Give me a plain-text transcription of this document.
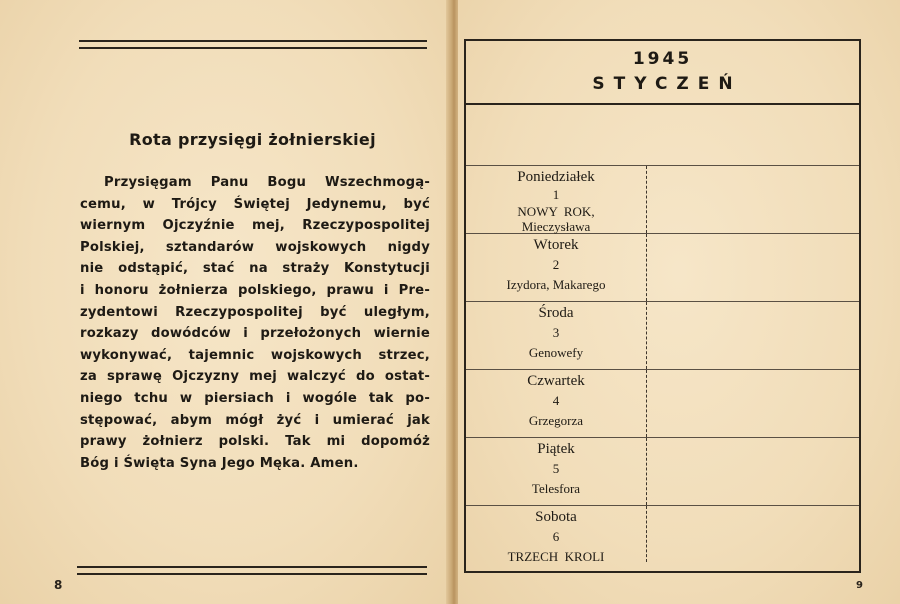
Rota przysięgi żołnierskiej
Przysięgam Panu Bogu Wszechmogą-
cemu, w Trójcy Świętej Jedynemu, być
wiernym Ojczyźnie mej, Rzeczypospolitej
Polskiej, sztandarów wojskowych nigdy
nie odstąpić, stać na straży Konstytucji
i honoru żołnierza polskiego, prawu i Pre-
zydentowi Rzeczypospolitej być uległym,
rozkazy dowódców i przełożonych wiernie
wykonywać, tajemnic wojskowych strzec,
za sprawę Ojczyzny mej walczyć do ostat-
niego tchu w piersiach i wogóle tak po-
stępować, abym mógł żyć i umierać jak
prawy żołnierz polski. Tak mi dopomóż
Bóg i Święta Syna Jego Męka. Amen.
8
1945
STYCZEŃ
Poniedziałek
1
NOWY  ROK,
Mieczysława
Wtorek
2
Izydora, Makarego
Środa
3
Genowefy
Czwartek
4
Grzegorza
Piątek
5
Telesfora
Sobota
6
TRZECH  KROLI
9
